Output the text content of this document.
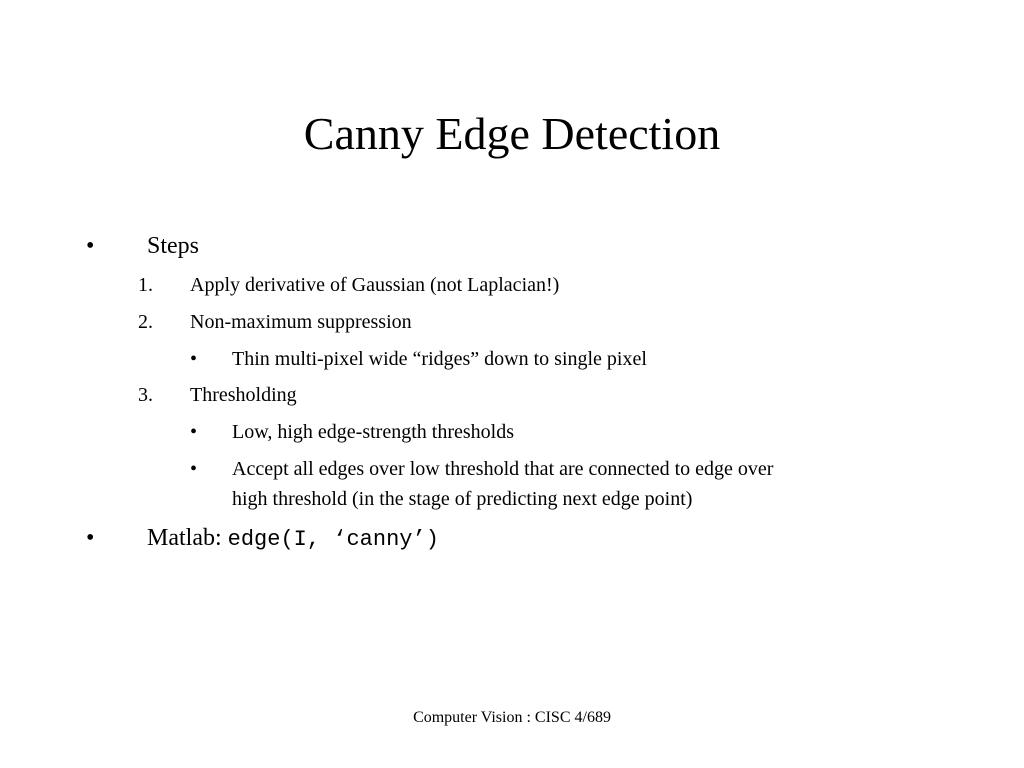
Canny Edge Detection
• Steps
1. Apply derivative of Gaussian (not Laplacian!)
2. Non-maximum suppression
• Thin multi-pixel wide “ridges” down to single pixel
3. Thresholding
• Low, high edge-strength thresholds
• Accept all edges over low threshold that are connected to edge over
high threshold (in the stage of predicting next edge point)
• Matlab: edge(I, ‘canny’)
Computer Vision : CISC 4/689
